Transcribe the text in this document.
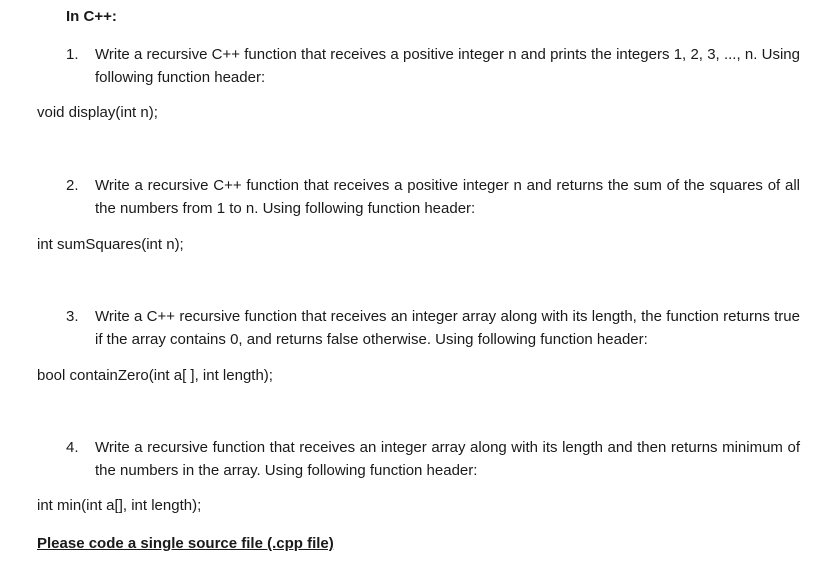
In C++:
1.	Write a recursive C++ function that receives a positive integer n and prints the integers 1, 2, 3, ..., n. Using following function header:
void display(int n);
2.	Write a recursive C++ function that receives a positive integer n and returns the sum of the squares of all the numbers from 1 to n. Using following function header:
int sumSquares(int n);
3.	Write a C++ recursive function that receives an integer array along with its length, the function returns true if the array contains 0, and returns false otherwise. Using following function header:
bool containZero(int a[ ], int length);
4.	Write a recursive function that receives an integer array along with its length and then returns minimum of the numbers in the array. Using following function header:
int min(int a[], int length);
Please code a single source file (.cpp file)
